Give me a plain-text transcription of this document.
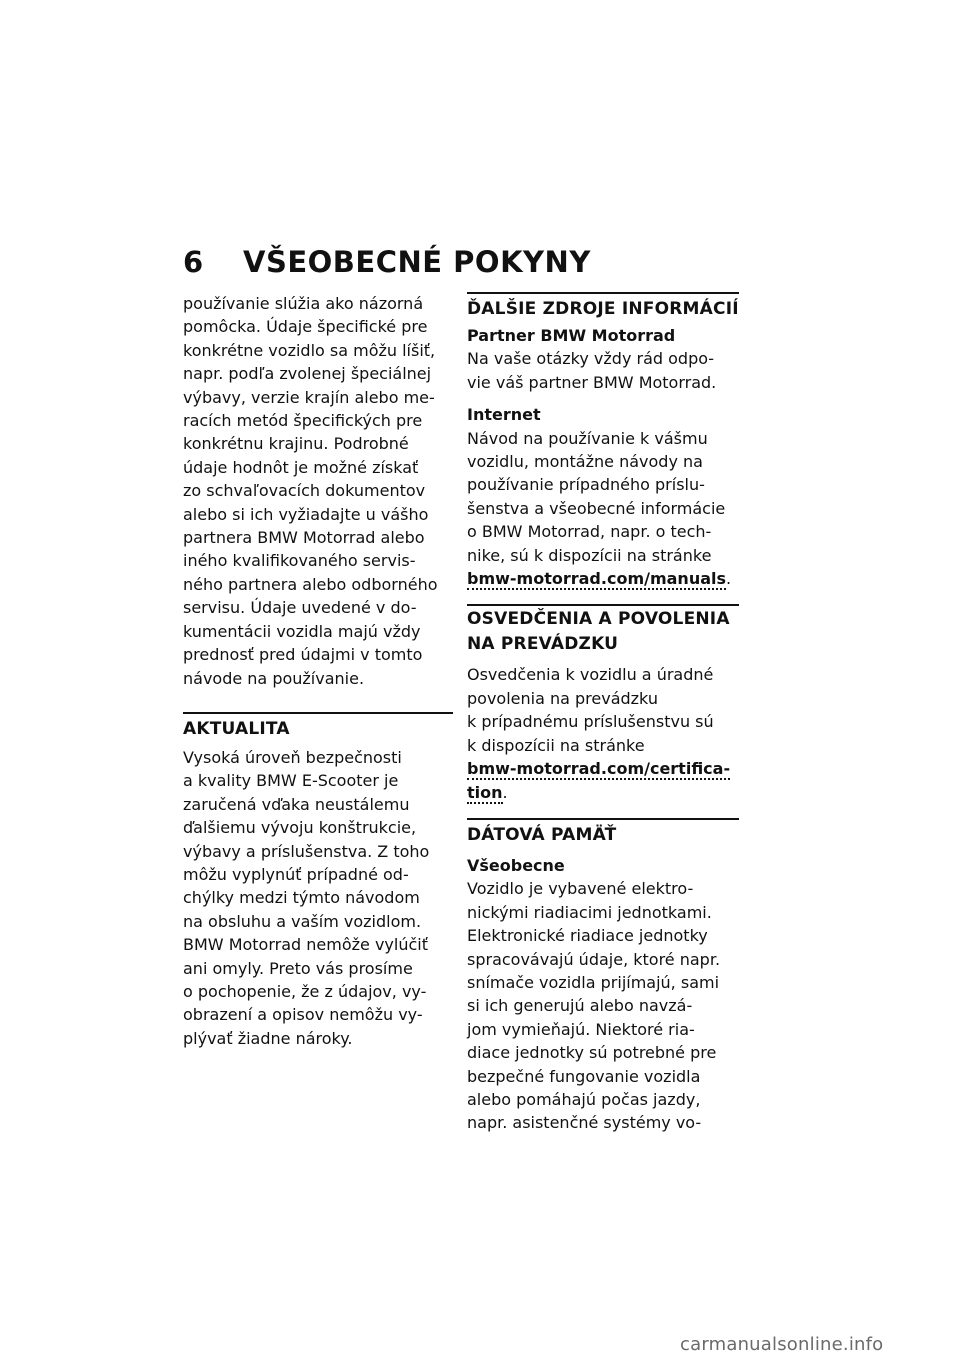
6 VŠEOBECNÉ POKYNY

používanie slúžia ako názorná

pomôcka. Údaje špecifické pre

konkrétne vozidlo sa môžu líšiť,

napr. podľa zvolenej špeciálnej

výbavy, verzie krajín alebo me-

racích metód špecifických pre

konkrétnu krajinu. Podrobné

údaje hodnôt je možné získať

zo schvaľovacích dokumentov

alebo si ich vyžiadajte u vášho

partnera BMW Motorrad alebo

iného kvalifikovaného servis-

ného partnera alebo odborného

servisu. Údaje uvedené v do-

kumentácii vozidla majú vždy

prednosť pred údajmi v tomto

návode na používanie.

AKTUALITA

Vysoká úroveň bezpečnosti

a kvality BMW E-Scooter je

zaručená vďaka neustálemu

ďalšiemu vývoju konštrukcie,

výbavy a príslušenstva. Z toho

môžu vyplynúť prípadné od-

chýlky medzi týmto návodom

na obsluhu a vaším vozidlom.

BMW Motorrad nemôže vylúčiť

ani omyly. Preto vás prosíme

o pochopenie, že z údajov, vy-

obrazení a opisov nemôžu vy-

plývať žiadne nároky.

ĎALŠIE ZDROJE INFORMÁCIÍ
Partner BMW Motorrad

Na vaše otázky vždy rád odpo-

vie váš partner BMW Motorrad.

Internet

Návod na používanie k vášmu

vozidlu, montážne návody na

používanie prípadného príslu-

šenstva a všeobecné informácie

o BMW Motorrad, napr. o tech-

nike, sú k dispozícii na stránke

bmw-motorrad.com/manuals.

OSVEDČENIA A POVOLENIA
NA PREVÁDZKU

Osvedčenia k vozidlu a úradné

povolenia na prevádzku

k prípadnému príslušenstvu sú

k dispozícii na stránke

bmw-motorrad.com/certifica-

tion.

DÁTOVÁ PAMÄŤ
Všeobecne

Vozidlo je vybavené elektro-

nickými riadiacimi jednotkami.

Elektronické riadiace jednotky

spracovávajú údaje, ktoré napr.

snímače vozidla prijímajú, sami

si ich generujú alebo navzá-

jom vymieňajú. Niektoré ria-

diace jednotky sú potrebné pre

bezpečné fungovanie vozidla

alebo pomáhajú počas jazdy,

napr. asistenčné systémy vo-

carmanualsonline.info
